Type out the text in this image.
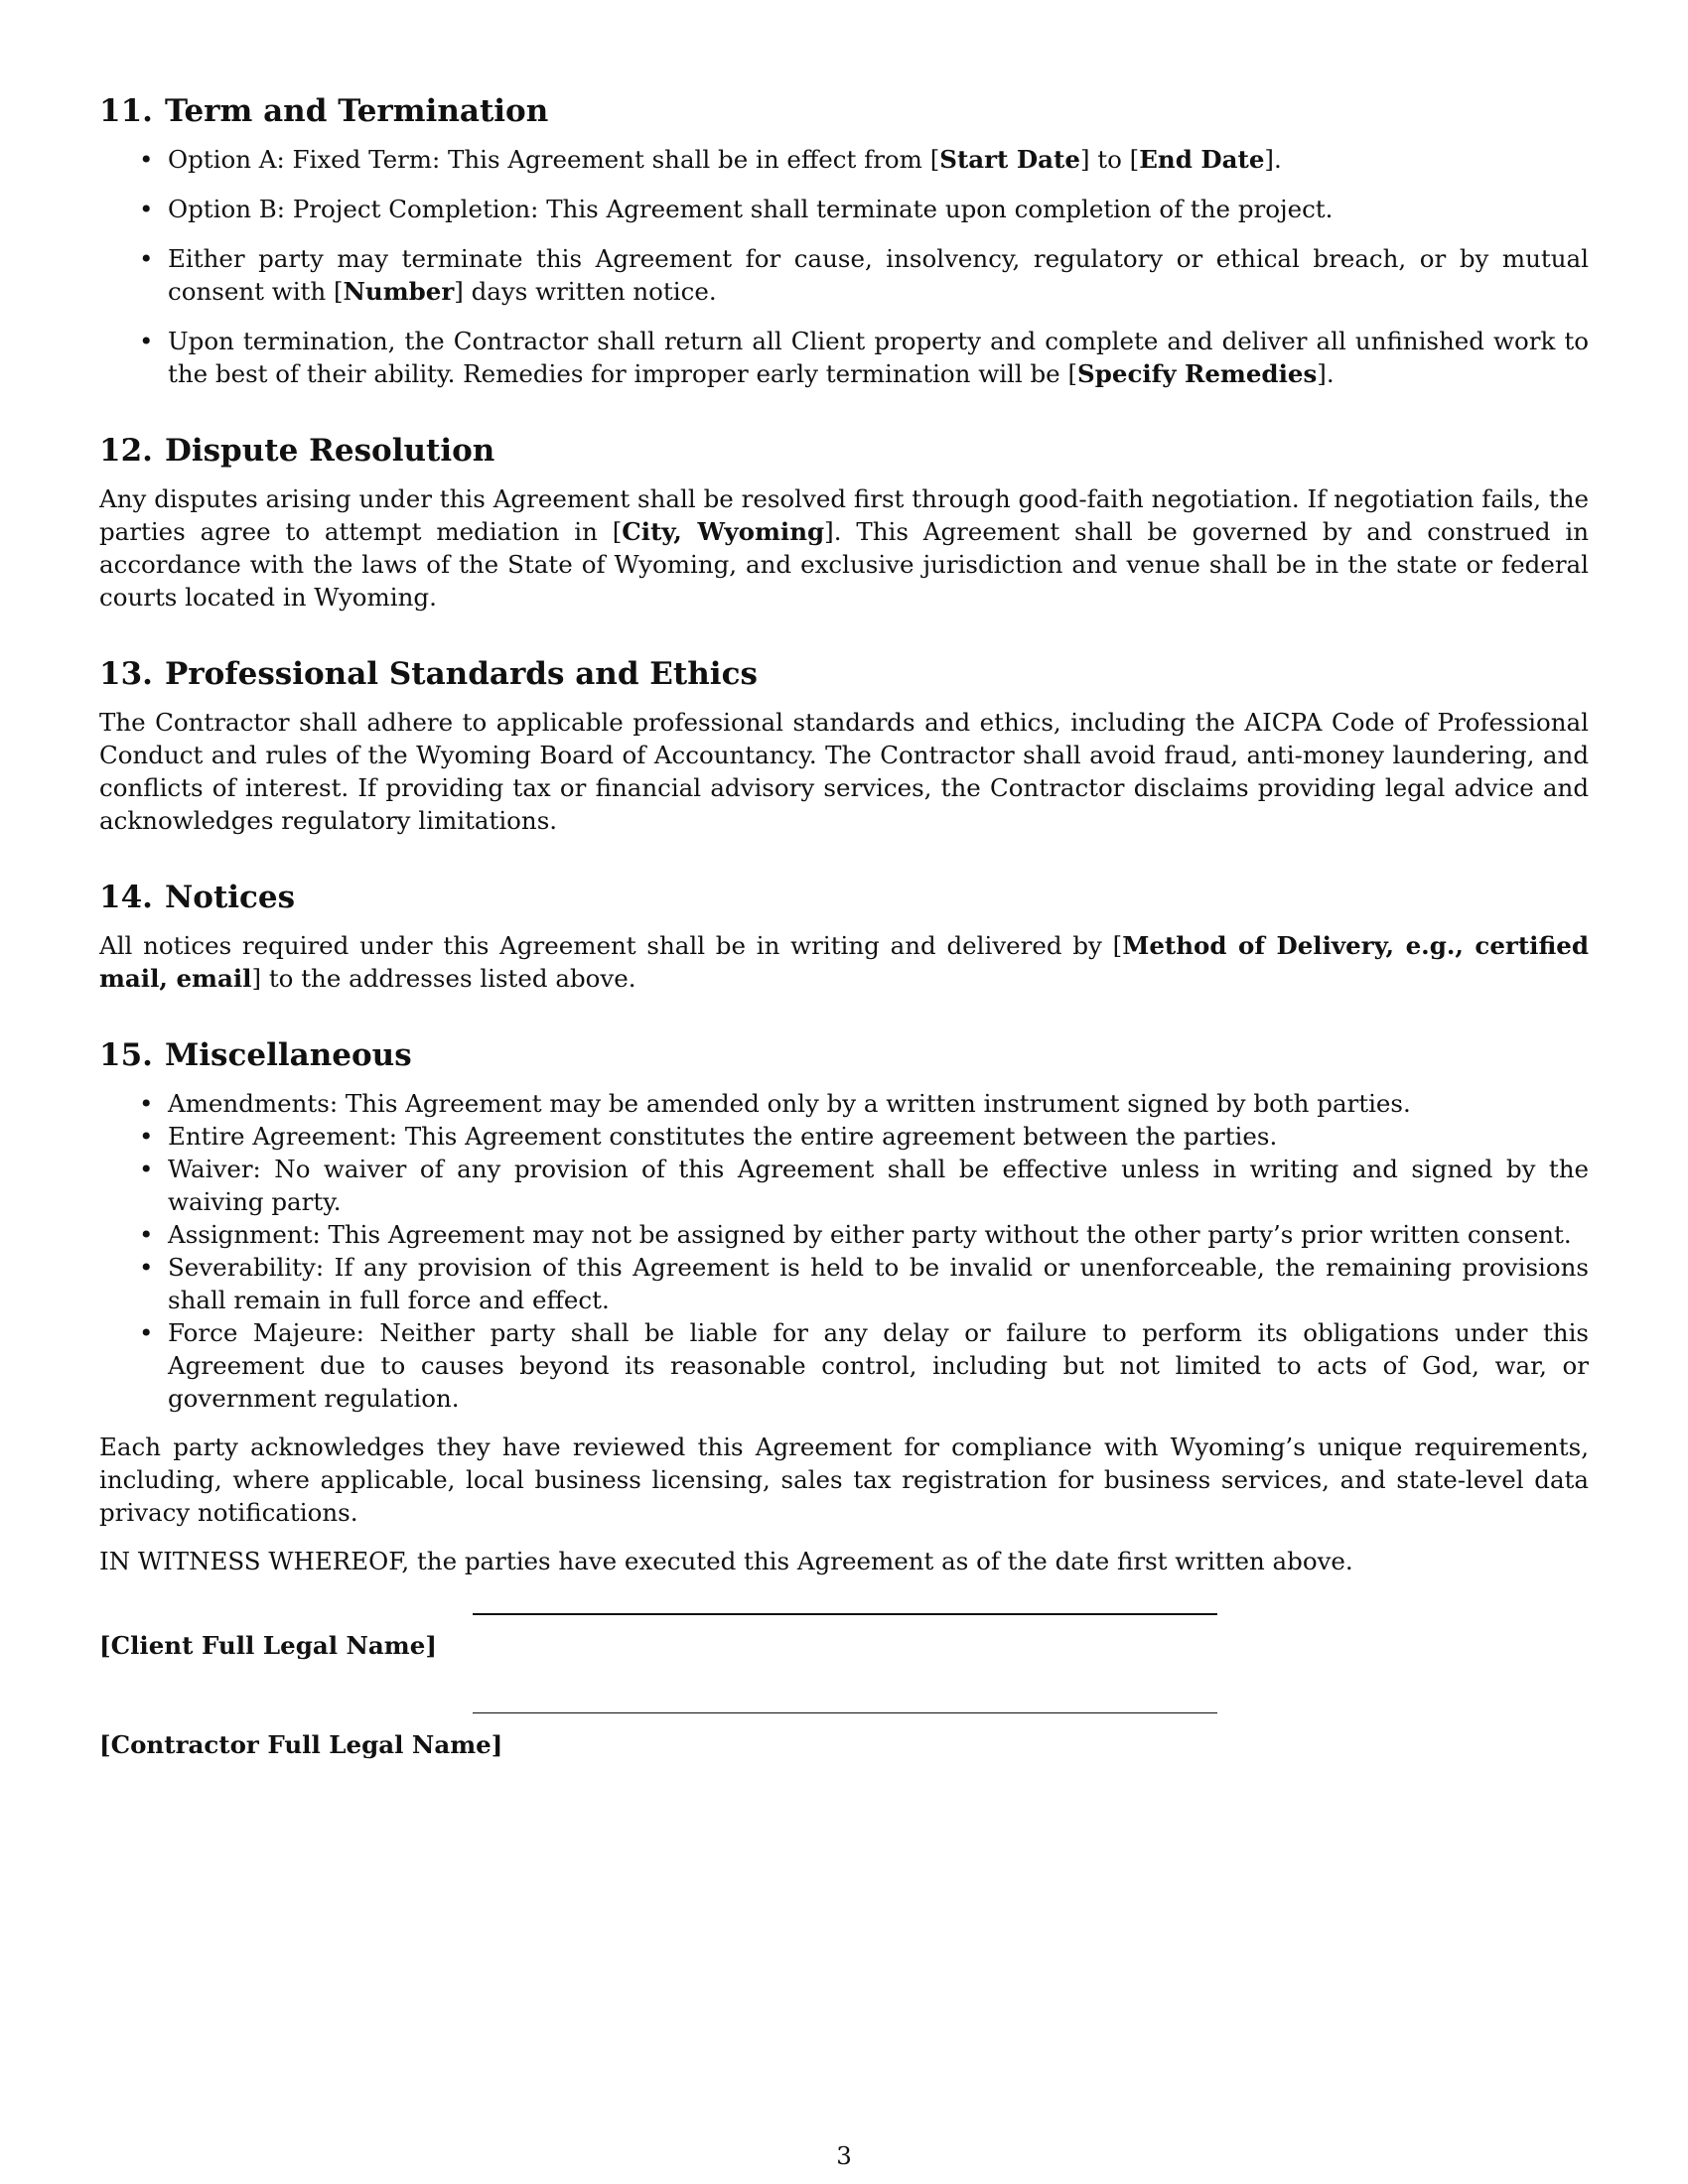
11. Term and Termination
• Option A: Fixed Term: This Agreement shall be in effect from [Start Date] to [End Date].
• Option B: Project Completion: This Agreement shall terminate upon completion of the project.
• Either party may terminate this Agreement for cause, insolvency, regulatory or ethical breach, or by mutual consent with [Number] days written notice.
• Upon termination, the Contractor shall return all Client property and complete and deliver all unfinished work to the best of their ability. Remedies for improper early termination will be [Specify Remedies].
12. Dispute Resolution

Any disputes arising under this Agreement shall be resolved first through good-faith negotiation. If negotiation fails, the parties agree to attempt mediation in [City, Wyoming]. This Agreement shall be governed by and construed in accordance with the laws of the State of Wyoming, and exclusive jurisdiction and venue shall be in the state or federal courts located in Wyoming.

13. Professional Standards and Ethics

The Contractor shall adhere to applicable professional standards and ethics, including the AICPA Code of Professional Conduct and rules of the Wyoming Board of Accountancy. The Contractor shall avoid fraud, anti-money laundering, and conflicts of interest. If providing tax or financial advisory services, the Contractor disclaims providing legal advice and acknowledges regulatory limitations.

14. Notices

All notices required under this Agreement shall be in writing and delivered by [Method of Delivery, e.g., certified mail, email] to the addresses listed above.

15. Miscellaneous
• Amendments: This Agreement may be amended only by a written instrument signed by both parties.
• Entire Agreement: This Agreement constitutes the entire agreement between the parties.
• Waiver: No waiver of any provision of this Agreement shall be effective unless in writing and signed by the waiving party.
• Assignment: This Agreement may not be assigned by either party without the other party’s prior written consent.
• Severability: If any provision of this Agreement is held to be invalid or unenforceable, the remaining provisions shall remain in full force and effect.
• Force Majeure: Neither party shall be liable for any delay or failure to perform its obligations under this Agreement due to causes beyond its reasonable control, including but not limited to acts of God, war, or government regulation.

Each party acknowledges they have reviewed this Agreement for compliance with Wyoming’s unique requirements, including, where applicable, local business licensing, sales tax registration for business services, and state-level data privacy notifications.

IN WITNESS WHEREOF, the parties have executed this Agreement as of the date first written above.

[Client Full Legal Name]
[Contractor Full Legal Name]
3
